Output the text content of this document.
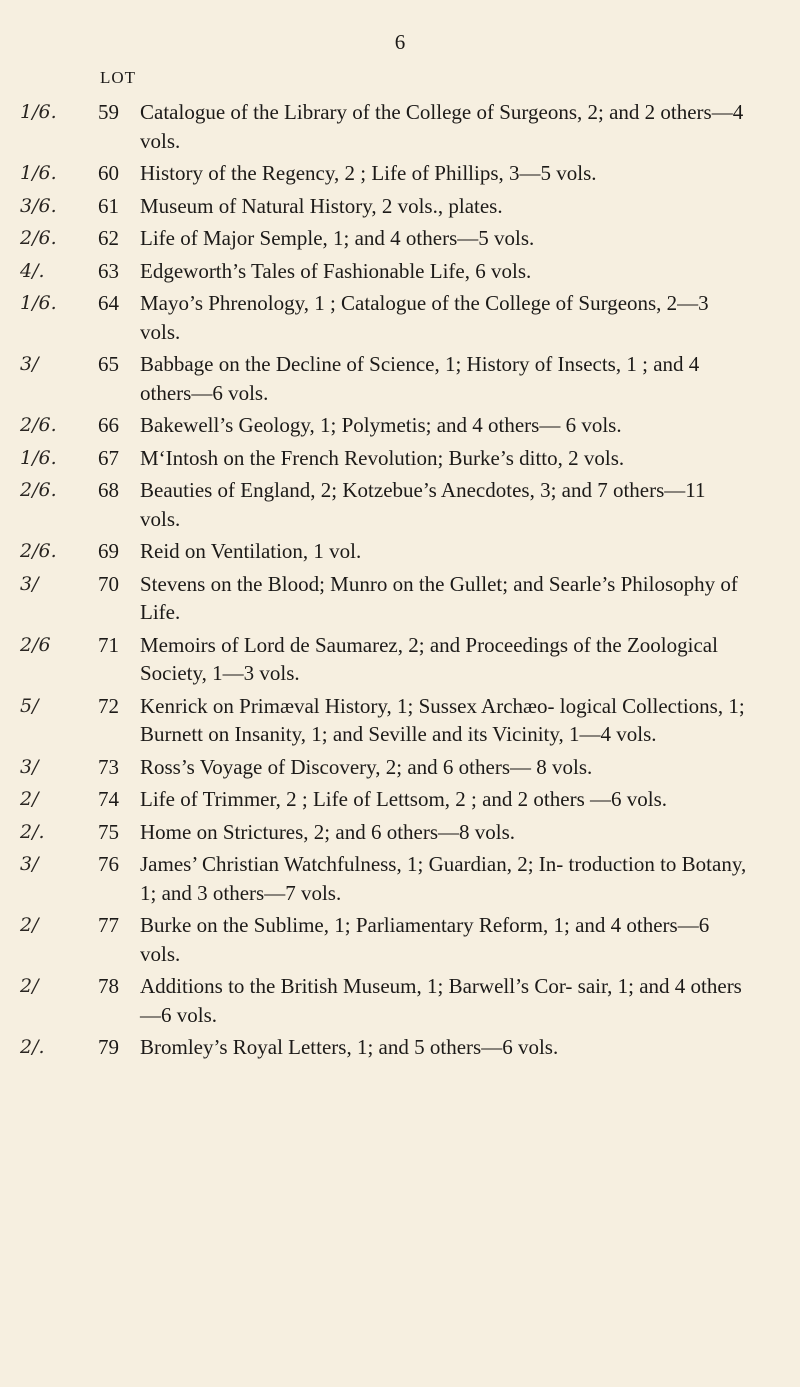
6
LOT
1/6.	59	Catalogue of the Library of the College of Surgeons, 2; and 2 others—4 vols.
1/6.	60	History of the Regency, 2 ; Life of Phillips, 3—5 vols.
3/6.	61	Museum of Natural History, 2 vols., plates.
2/6.	62	Life of Major Semple, 1; and 4 others—5 vols.
4/.	63	Edgeworth’s Tales of Fashionable Life, 6 vols.
1/6.	64	Mayo’s Phrenology, 1 ; Catalogue of the College of Surgeons, 2—3 vols.
3/	65	Babbage on the Decline of Science, 1; History of Insects, 1 ; and 4 others—6 vols.
2/6.	66	Bakewell’s Geology, 1; Polymetis; and 4 others— 6 vols.
1/6.	67	M‘Intosh on the French Revolution; Burke’s ditto, 2 vols.
2/6.	68	Beauties of England, 2; Kotzebue’s Anecdotes, 3; and 7 others—11 vols.
2/6.	69	Reid on Ventilation, 1 vol.
3/	70	Stevens on the Blood; Munro on the Gullet; and Searle’s Philosophy of Life.
2/6	71	Memoirs of Lord de Saumarez, 2; and Proceedings of the Zoological Society, 1—3 vols.
5/	72	Kenrick on Primæval History, 1; Sussex Archæo- logical Collections, 1; Burnett on Insanity, 1; and Seville and its Vicinity, 1—4 vols.
3/	73	Ross’s Voyage of Discovery, 2; and 6 others— 8 vols.
2/	74	Life of Trimmer, 2 ; Life of Lettsom, 2 ; and 2 others —6 vols.
2/.	75	Home on Strictures, 2; and 6 others—8 vols.
3/	76	James’ Christian Watchfulness, 1; Guardian, 2; In- troduction to Botany, 1; and 3 others—7 vols.
2/	77	Burke on the Sublime, 1; Parliamentary Reform, 1; and 4 others—6 vols.
2/	78	Additions to the British Museum, 1; Barwell’s Cor- sair, 1; and 4 others—6 vols.
2/.	79	Bromley’s Royal Letters, 1; and 5 others—6 vols.
